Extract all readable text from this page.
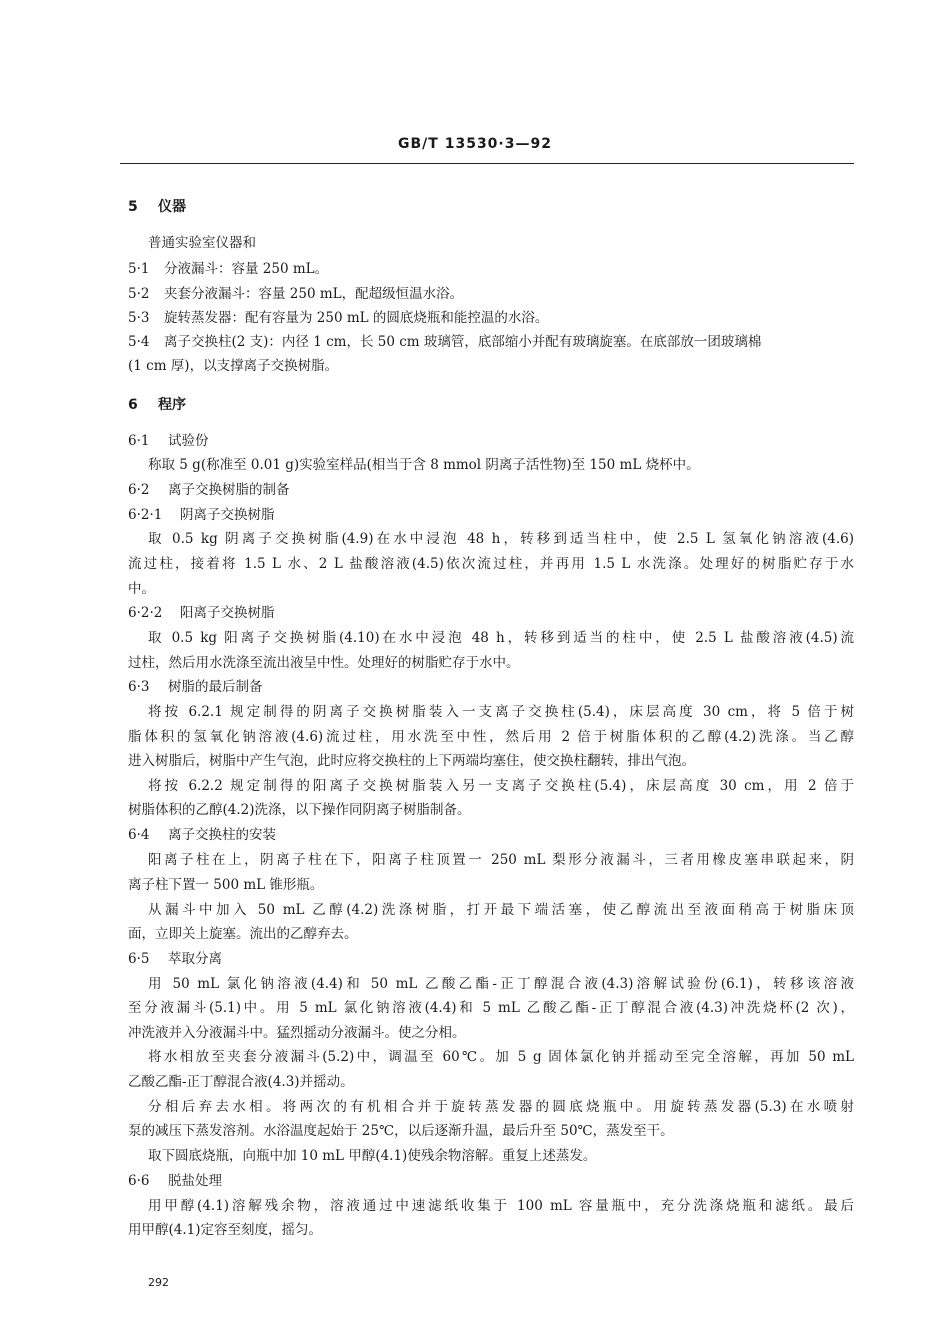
GB/T 13530·3—92
5 仪器
普通实验室仪器和
5·1 分液漏斗：容量 250 mL。
5·2 夹套分液漏斗：容量 250 mL，配超级恒温水浴。
5·3 旋转蒸发器：配有容量为 250 mL 的圆底烧瓶和能控温的水浴。
5·4 离子交换柱(2 支)：内径 1 cm，长 50 cm 玻璃管，底部缩小并配有玻璃旋塞。在底部放一团玻璃棉
(1 cm 厚)，以支撑离子交换树脂。
6 程序
6·1 试验份
称取 5 g(称准至 0.01 g)实验室样品(相当于含 8 mmol 阴离子活性物)至 150 mL 烧杯中。
6·2 离子交换树脂的制备
6·2·1 阴离子交换树脂
取 0.5 kg 阴离子交换树脂(4.9)在水中浸泡 48 h，转移到适当柱中，使 2.5 L 氢氧化钠溶液(4.6)
流过柱，接着将 1.5 L 水、2 L 盐酸溶液(4.5)依次流过柱，并再用 1.5 L 水洗涤。处理好的树脂贮存于水
中。
6·2·2 阳离子交换树脂
取 0.5 kg 阳离子交换树脂(4.10)在水中浸泡 48 h，转移到适当的柱中，使 2.5 L 盐酸溶液(4.5)流
过柱，然后用水洗涤至流出液呈中性。处理好的树脂贮存于水中。
6·3 树脂的最后制备
将按 6.2.1 规定制得的阴离子交换树脂装入一支离子交换柱(5.4)，床层高度 30 cm，将 5 倍于树
脂体积的氢氧化钠溶液(4.6)流过柱，用水洗至中性，然后用 2 倍于树脂体积的乙醇(4.2)洗涤。当乙醇
进入树脂后，树脂中产生气泡，此时应将交换柱的上下两端均塞住，使交换柱翻转，排出气泡。
将按 6.2.2 规定制得的阳离子交换树脂装入另一支离子交换柱(5.4)，床层高度 30 cm，用 2 倍于
树脂体积的乙醇(4.2)洗涤，以下操作同阴离子树脂制备。
6·4 离子交换柱的安装
阳离子柱在上，阴离子柱在下，阳离子柱顶置一 250 mL 梨形分液漏斗，三者用橡皮塞串联起来，阴
离子柱下置一 500 mL 锥形瓶。
从漏斗中加入 50 mL 乙醇(4.2)洗涤树脂，打开最下端活塞，使乙醇流出至液面稍高于树脂床顶
面，立即关上旋塞。流出的乙醇弃去。
6·5 萃取分离
用 50 mL 氯化钠溶液(4.4)和 50 mL 乙酸乙酯-正丁醇混合液(4.3)溶解试验份(6.1)，转移该溶液
至分液漏斗(5.1)中。用 5 mL 氯化钠溶液(4.4)和 5 mL 乙酸乙酯-正丁醇混合液(4.3)冲洗烧杯(2 次)，
冲洗液并入分液漏斗中。猛烈摇动分液漏斗。使之分相。
将水相放至夹套分液漏斗(5.2)中，调温至 60℃。加 5 g 固体氯化钠并摇动至完全溶解，再加 50 mL
乙酸乙酯-正丁醇混合液(4.3)并摇动。
分相后弃去水相。将两次的有机相合并于旋转蒸发器的圆底烧瓶中。用旋转蒸发器(5.3)在水喷射
泵的减压下蒸发溶剂。水浴温度起始于 25℃，以后逐渐升温，最后升至 50℃，蒸发至干。
取下圆底烧瓶，向瓶中加 10 mL 甲醇(4.1)使残余物溶解。重复上述蒸发。
6·6 脱盐处理
用甲醇(4.1)溶解残余物，溶液通过中速滤纸收集于 100 mL 容量瓶中，充分洗涤烧瓶和滤纸。最后
用甲醇(4.1)定容至刻度，摇匀。
292
